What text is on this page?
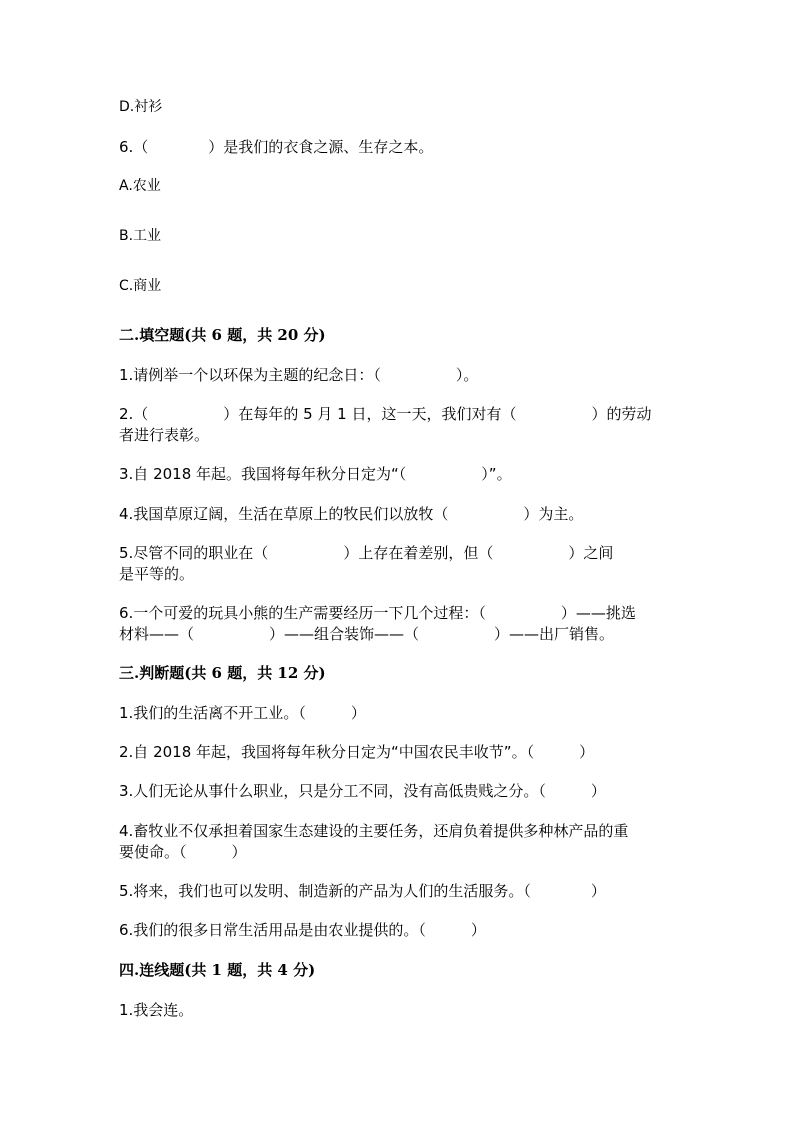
D.衬衫
6.（　　　　）是我们的衣食之源、生存之本。
A.农业
B.工业
C.商业
二.填空题(共 6 题，共 20 分)
1.请例举一个以环保为主题的纪念日：（　　　　　）。
2.（　　　　　）在每年的 5 月 1 日，这一天，我们对有（　　　　　）的劳动
者进行表彰。
3.自 2018 年起。我国将每年秋分日定为“（　　　　　）”。
4.我国草原辽阔，生活在草原上的牧民们以放牧（　　　　　）为主。
5.尽管不同的职业在（　　　　　）上存在着差别，但（　　　　　）之间
是平等的。
6.一个可爱的玩具小熊的生产需要经历一下几个过程：（　　　　　）——挑选
材料——（　　　　　）——组合装饰——（　　　　　）——出厂销售。
三.判断题(共 6 题，共 12 分)
1.我们的生活离不开工业。（　　　）
2.自 2018 年起，我国将每年秋分日定为“中国农民丰收节”。（　　　）
3.人们无论从事什么职业，只是分工不同，没有高低贵贱之分。（　　　）
4.畜牧业不仅承担着国家生态建设的主要任务，还肩负着提供多种林产品的重
要使命。（　　　）
5.将来，我们也可以发明、制造新的产品为人们的生活服务。（　　　　）
6.我们的很多日常生活用品是由农业提供的。（　　　）
四.连线题(共 1 题，共 4 分)
1.我会连。
